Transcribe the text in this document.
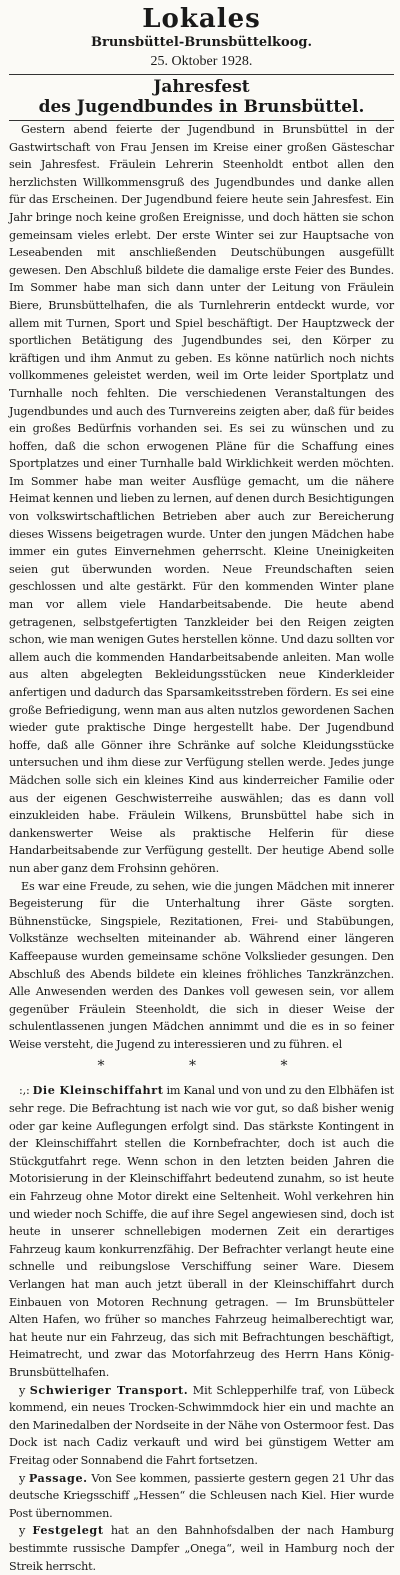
Lokales
Brunsbüttel-Brunsbüttelkoog.
25. Oktober 1928.
Jahresfest
des Jugendbundes in Brunsbüttel.

Gestern abend feierte der Jugendbund in Brunsbüttel in der Gastwirtschaft von Frau Jensen im Kreise einer großen Gästeschar sein Jahresfest. Fräulein Lehrerin Steenholdt entbot allen den herzlichsten Willkommensgruß des Jugendbundes und danke allen für das Erscheinen. Der Jugendbund feiere heute sein Jahresfest. Ein Jahr bringe noch keine großen Ereignisse, und doch hätten sie schon gemeinsam vieles erlebt. Der erste Winter sei zur Hauptsache von Leseabenden mit anschließenden Deutschübungen ausgefüllt gewesen. Den Abschluß bildete die damalige erste Feier des Bundes. Im Sommer habe man sich dann unter der Leitung von Fräulein Biere, Brunsbüttelhafen, die als Turnlehrerin entdeckt wurde, vor allem mit Turnen, Sport und Spiel beschäftigt. Der Hauptzweck der sportlichen Betätigung des Jugendbundes sei, den Körper zu kräftigen und ihm Anmut zu geben. Es könne natürlich noch nichts vollkommenes geleistet werden, weil im Orte leider Sportplatz und Turnhalle noch fehlten. Die verschiedenen Veranstaltungen des Jugendbundes und auch des Turnvereins zeigten aber, daß für beides ein großes Bedürfnis vorhanden sei. Es sei zu wünschen und zu hoffen, daß die schon erwogenen Pläne für die Schaffung eines Sportplatzes und einer Turnhalle bald Wirklichkeit werden möchten. Im Sommer habe man weiter Ausflüge gemacht, um die nähere Heimat kennen und lieben zu lernen, auf denen durch Besichtigungen von volkswirtschaftlichen Betrieben aber auch zur Bereicherung dieses Wissens beigetragen wurde. Unter den jungen Mädchen habe immer ein gutes Einvernehmen geherrscht. Kleine Uneinigkeiten seien gut überwunden worden. Neue Freundschaften seien geschlossen und alte gestärkt. Für den kommenden Winter plane man vor allem viele Handarbeitsabende. Die heute abend getragenen, selbstgefertigten Tanzkleider bei den Reigen zeigten schon, wie man wenigen Gutes herstellen könne. Und dazu sollten vor allem auch die kommenden Handarbeitsabende anleiten. Man wolle aus alten abgelegten Bekleidungsstücken neue Kinderkleider anfertigen und dadurch das Sparsamkeitsstreben fördern. Es sei eine große Befriedigung, wenn man aus alten nutzlos gewordenen Sachen wieder gute praktische Dinge hergestellt habe. Der Jugendbund hoffe, daß alle Gönner ihre Schränke auf solche Kleidungsstücke untersuchen und ihm diese zur Verfügung stellen werde. Jedes junge Mädchen solle sich ein kleines Kind aus kinderreicher Familie oder aus der eigenen Geschwisterreihe auswählen; das es dann voll einzukleiden habe. Fräulein Wilkens, Brunsbüttel habe sich in dankenswerter Weise als praktische Helferin für diese Handarbeitsabende zur Verfügung gestellt. Der heutige Abend solle nun aber ganz dem Frohsinn gehören.

Es war eine Freude, zu sehen, wie die jungen Mädchen mit innerer Begeisterung für die Unterhaltung ihrer Gäste sorgten. Bühnenstücke, Singspiele, Rezitationen, Frei- und Stabübungen, Volkstänze wechselten miteinander ab. Während einer längeren Kaffeepause wurden gemeinsame schöne Volkslieder gesungen. Den Abschluß des Abends bildete ein kleines fröhliches Tanzkränzchen. Alle Anwesenden werden des Dankes voll gewesen sein, vor allem gegenüber Fräulein Steenholdt, die sich in dieser Weise der schulentlassenen jungen Mädchen annimmt und die es in so feiner Weise versteht, die Jugend zu interessieren und zu führen. el

* * *

:,: Die Kleinschiffahrt im Kanal und von und zu den Elbhäfen ist sehr rege. Die Befrachtung ist nach wie vor gut, so daß bisher wenig oder gar keine Auflegungen erfolgt sind. Das stärkste Kontingent in der Kleinschiffahrt stellen die Kornbefrachter, doch ist auch die Stückgutfahrt rege. Wenn schon in den letzten beiden Jahren die Motorisierung in der Kleinschiffahrt bedeutend zunahm, so ist heute ein Fahrzeug ohne Motor direkt eine Seltenheit. Wohl verkehren hin und wieder noch Schiffe, die auf ihre Segel angewiesen sind, doch ist heute in unserer schnellebigen modernen Zeit ein derartiges Fahrzeug kaum konkurrenzfähig. Der Befrachter verlangt heute eine schnelle und reibungslose Verschiffung seiner Ware. Diesem Verlangen hat man auch jetzt überall in der Kleinschiffahrt durch Einbauen von Motoren Rechnung getragen. — Im Brunsbütteler Alten Hafen, wo früher so manches Fahrzeug heimalberechtigt war, hat heute nur ein Fahrzeug, das sich mit Befrachtungen beschäftigt, Heimatrecht, und zwar das Motorfahrzeug des Herrn Hans König-Brunsbüttelhafen.

y Schwieriger Transport. Mit Schlepperhilfe traf, von Lübeck kommend, ein neues Trocken-Schwimmdock hier ein und machte an den Marinedalben der Nordseite in der Nähe von Ostermoor fest. Das Dock ist nach Cadiz verkauft und wird bei günstigem Wetter am Freitag oder Sonnabend die Fahrt fortsetzen.

y Passage. Von See kommen, passierte gestern gegen 21 Uhr das deutsche Kriegsschiff „Hessen“ die Schleusen nach Kiel. Hier wurde Post übernommen.

y Festgelegt hat an den Bahnhofsdalben der nach Hamburg bestimmte russische Dampfer „Onega“, weil in Hamburg noch der Streik herrscht.
